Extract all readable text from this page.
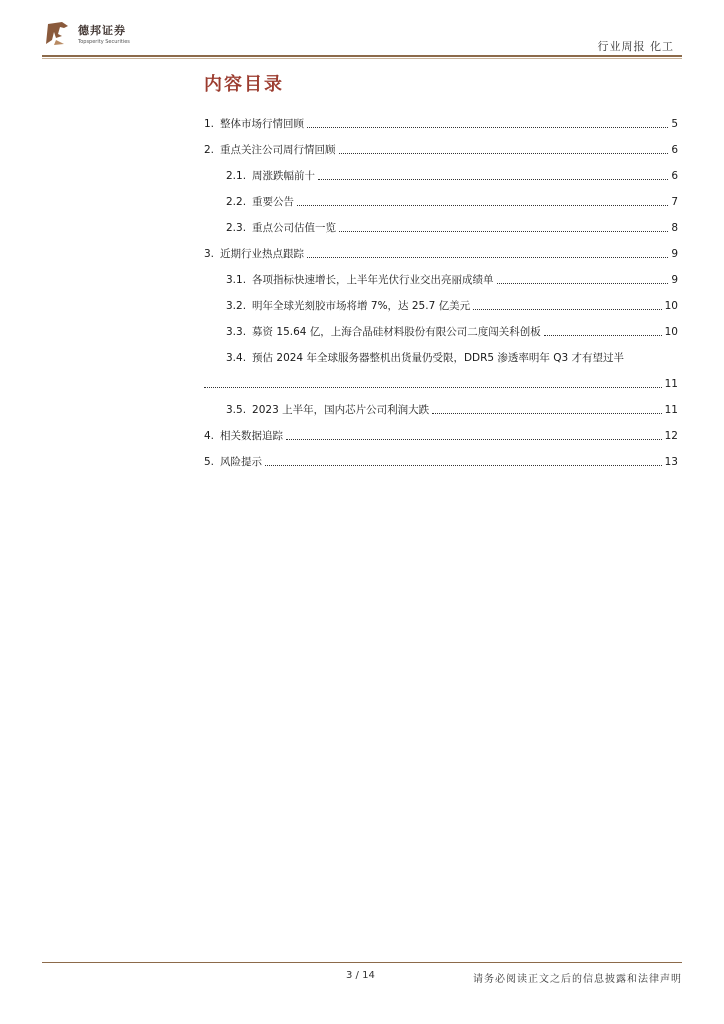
德邦证券
Topsperity Securities	行业周报 化工
内容目录
1. 整体市场行情回顾	5
2. 重点关注公司周行情回顾	6
2.1. 周涨跌幅前十	6
2.2. 重要公告	7
2.3. 重点公司估值一览	8
3. 近期行业热点跟踪	9
3.1. 各项指标快速增长，上半年光伏行业交出亮丽成绩单	9
3.2. 明年全球光刻胶市场将增 7%，达 25.7 亿美元	10
3.3. 募资 15.64 亿，上海合晶硅材料股份有限公司二度闯关科创板	10
3.4. 预估 2024 年全球服务器整机出货量仍受限，DDR5 渗透率明年 Q3 才有望过半
11
3.5. 2023 上半年，国内芯片公司利润大跌	11
4. 相关数据追踪	12
5. 风险提示	13
3 / 14	请务必阅读正文之后的信息披露和法律声明
